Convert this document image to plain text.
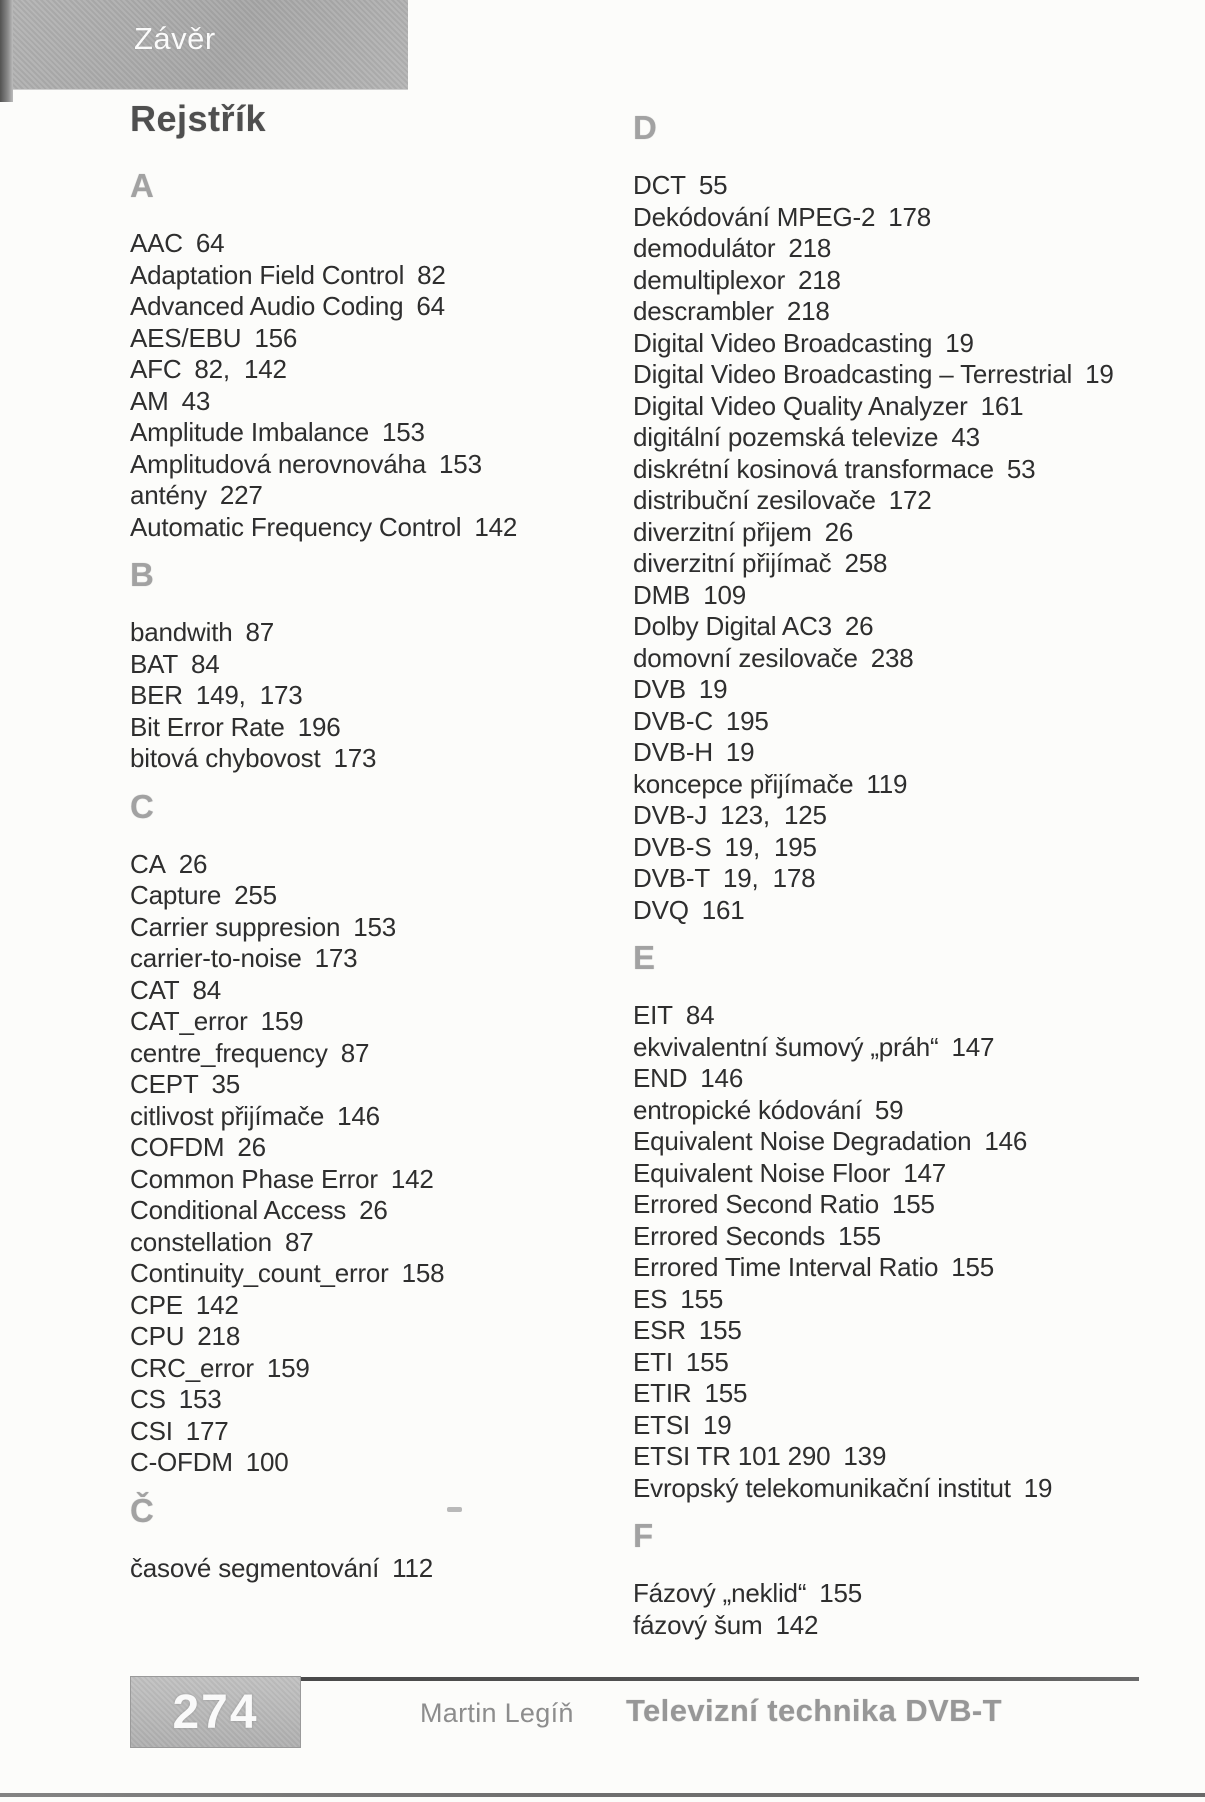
Závěr
Rejstřík
A
AAC 64
Adaptation Field Control 82
Advanced Audio Coding 64
AES/EBU 156
AFC 82, 142
AM 43
Amplitude Imbalance 153
Amplitudová nerovnováha 153
antény 227
Automatic Frequency Control 142
B
bandwith 87
BAT 84
BER 149, 173
Bit Error Rate 196
bitová chybovost 173
C
CA 26
Capture 255
Carrier suppresion 153
carrier-to-noise 173
CAT 84
CAT_error 159
centre_frequency 87
CEPT 35
citlivost přijímače 146
COFDM 26
Common Phase Error 142
Conditional Access 26
constellation 87
Continuity_count_error 158
CPE 142
CPU 218
CRC_error 159
CS 153
CSI 177
C-OFDM 100
Č
časové segmentování 112
D
DCT 55
Dekódování MPEG-2 178
demodulátor 218
demultiplexor 218
descrambler 218
Digital Video Broadcasting 19
Digital Video Broadcasting – Terrestrial 19
Digital Video Quality Analyzer 161
digitální pozemská televize 43
diskrétní kosinová transformace 53
distribuční zesilovače 172
diverzitní přijem 26
diverzitní přijímač 258
DMB 109
Dolby Digital AC3 26
domovní zesilovače 238
DVB 19
DVB-C 195
DVB-H 19
koncepce přijímače 119
DVB-J 123, 125
DVB-S 19, 195
DVB-T 19, 178
DVQ 161
E
EIT 84
ekvivalentní šumový „práh“ 147
END 146
entropické kódování 59
Equivalent Noise Degradation 146
Equivalent Noise Floor 147
Errored Second Ratio 155
Errored Seconds 155
Errored Time Interval Ratio 155
ES 155
ESR 155
ETI 155
ETIR 155
ETSI 19
ETSI TR 101 290 139
Evropský telekomunikační institut 19
F
Fázový „neklid“ 155
fázový šum 142
274	Martin Legíň Televizní technika DVB-T
